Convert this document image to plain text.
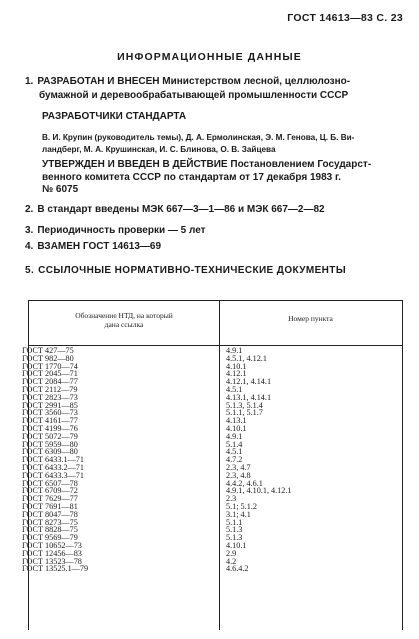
ГОСТ 14613—83 С. 23
ИНФОРМАЦИОННЫЕ ДАННЫЕ
1. РАЗРАБОТАН И ВНЕСЕН Министерством лесной, целлюлозно-
бумажной и деревообрабатывающей промышленности СССР
РАЗРАБОТЧИКИ СТАНДАРТА
В. И. Крупин (руководитель темы), Д. А. Ермолинская, Э. М. Генова, Ц. Б. Ви-
ландберг, М. А. Крушинская, И. С. Блинова, О. В. Зайцева
УТВЕРЖДЕН И ВВЕДЕН В ДЕЙСТВИЕ Постановлением Государст-
венного комитета СССР по стандартам от 17 декабря 1983 г.
№ 6075
2. В стандарт введены МЭК 667—3—1—86 и МЭК 667—2—82
3. Периодичность проверки — 5 лет
4. ВЗАМЕН ГОСТ 14613—69
5. ССЫЛОЧНЫЕ НОРМАТИВНО-ТЕХНИЧЕСКИЕ ДОКУМЕНТЫ
Обозначение НТД, на который
дана ссылка
Номер пункта
ГОСТ 427—75
ГОСТ 982—80
ГОСТ 1770—74
ГОСТ 2045—71
ГОСТ 2084—77
ГОСТ 2112—79
ГОСТ 2823—73
ГОСТ 2991—85
ГОСТ 3560—73
ГОСТ 4161—77
ГОСТ 4199—76
ГОСТ 5072—79
ГОСТ 5959—80
ГОСТ 6309—80
ГОСТ 6433.1—71
ГОСТ 6433.2—71
ГОСТ 6433.3—71
ГОСТ 6507—78
ГОСТ 6709—72
ГОСТ 7629—77
ГОСТ 7691—81
ГОСТ 8047—78
ГОСТ 8273—75
ГОСТ 8828—75
ГОСТ 9569—79
ГОСТ 10652—73
ГОСТ 12456—83
ГОСТ 13523—78
ГОСТ 13525.1—79
4.9.1
4.5.1, 4.12.1
4.10.1
4.12.1
4.12.1, 4.14.1
4.5.1
4.13.1, 4.14.1
5.1.3, 5.1.4
5.1.1, 5.1.7
4.13.1
4.10.1
4.9.1
5.1.4
4.5.1
4.7.2
2.3, 4.7
2.3, 4.8
4.4.2, 4.6.1
4.9.1, 4.10.1, 4.12.1
2.3
5.1; 5.1.2
3.1; 4.1
5.1.1
5.1.3
5.1.3
4.10.1
2.9
4.2
4.6.4.2
